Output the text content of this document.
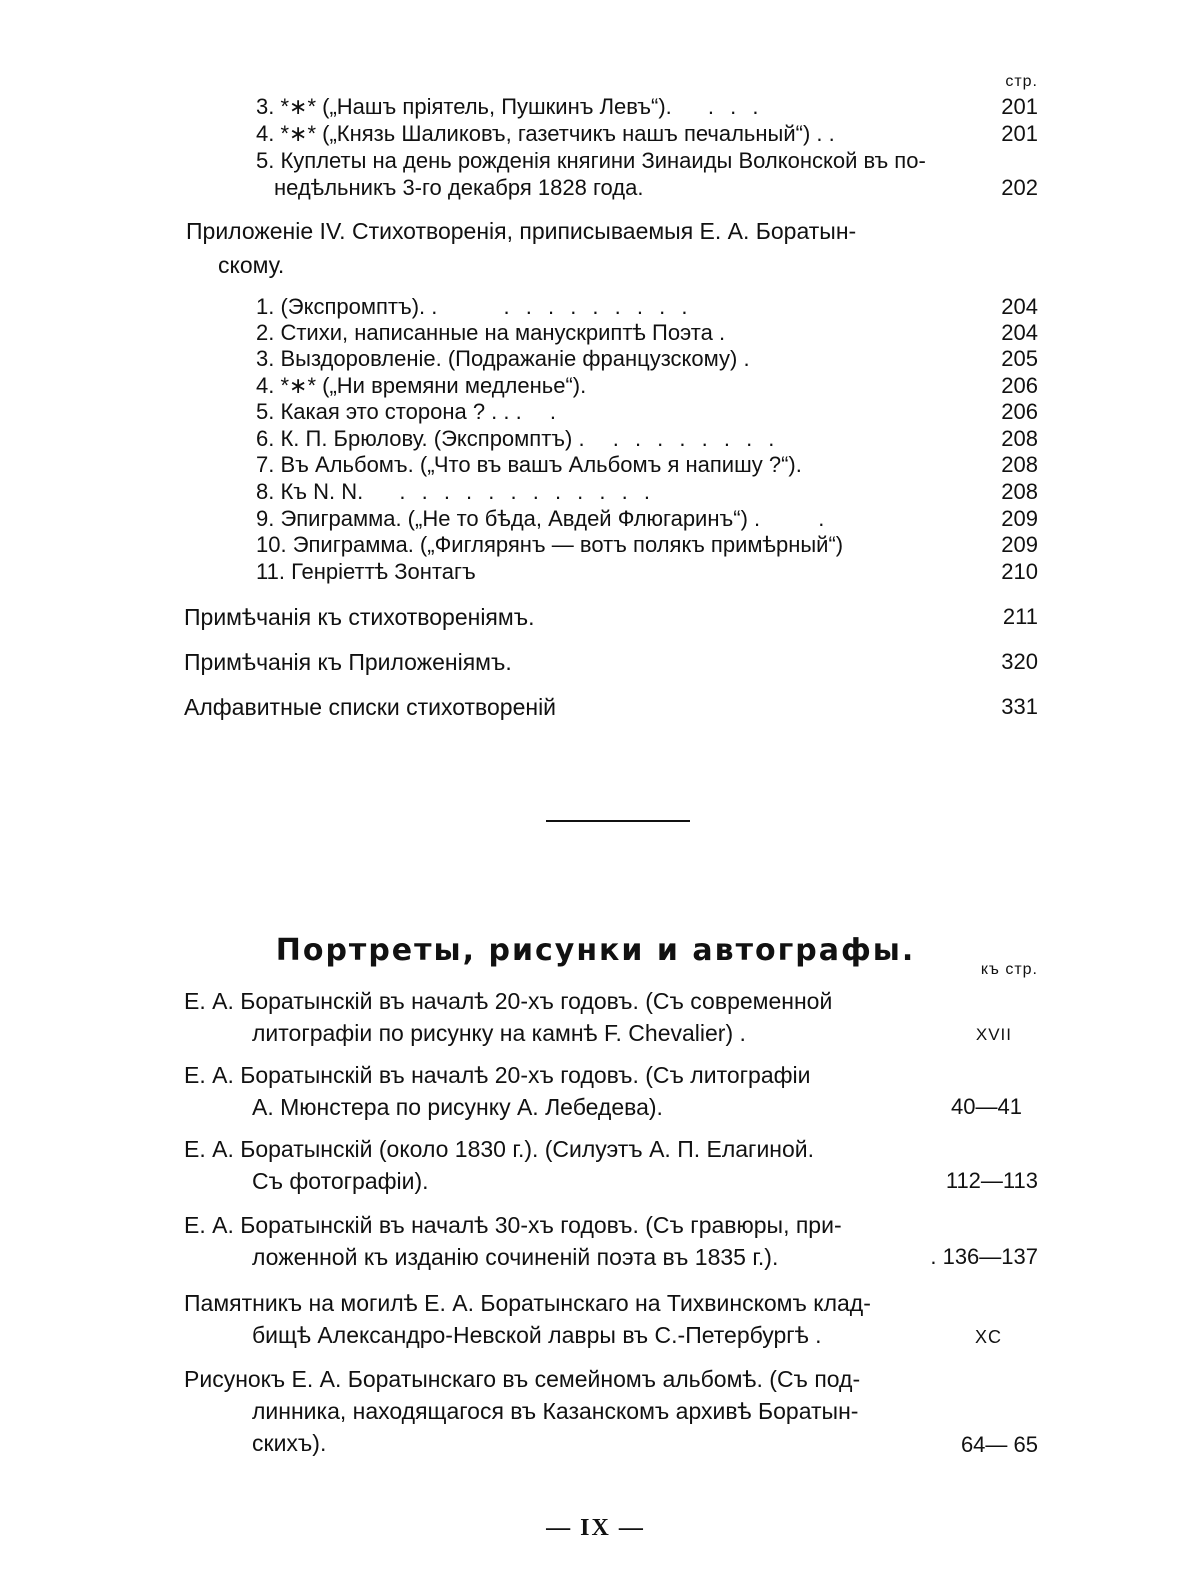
стр.
3. *∗* („Нашъ пріятель, Пушкинъ Левъ“). . . .	201
4. *∗* („Князь Шаликовъ, газетчикъ нашъ печальный“) . .	201
5. Куплеты на день рожденія княгини Зинаиды Волконской въ по-
недѣльникъ 3-го декабря 1828 года.	202
Приложеніе IV. Стихотворенія, приписываемыя Е. А. Боратын-
скому.
1. (Экспромптъ). .	. . . . . . . . .	204
2. Стихи, написанные на манускриптѣ Поэта .	204
3. Выздоровленіе. (Подражаніе французскому) .	205
4. *∗* („Ни времяни медленье“).	206
5. Какая это сторона ? . . . .	206
6. К. П. Брюлову. (Экспромптъ) . . . . . . . . .	208
7. Въ Альбомъ. („Что въ вашъ Альбомъ я напишу ?“).	208
8. Къ N. N. . . . . . . . . . . . .	208
9. Эпиграмма. („Не то бѣда, Авдей Флюгаринъ“) .	.	209
10. Эпиграмма. („Фиглярянъ — вотъ полякъ примѣрный“)	209
11. Генріеттѣ Зонтагъ	210
Примѣчанія къ стихотвореніямъ.	211
Примѣчанія къ Приложеніямъ.	320
Алфавитные списки стихотвореній	331
Портреты, рисунки и автографы.
къ стр.
Е. А. Боратынскій въ началѣ 20-хъ годовъ. (Съ современной
литографіи по рисунку на камнѣ F. Chevalier) .	XVII
Е. А. Боратынскій въ началѣ 20-хъ годовъ. (Съ литографіи
А. Мюнстера по рисунку А. Лебедева).	40—41
Е. А. Боратынскій (около 1830 г.). (Силуэтъ А. П. Елагиной.
Съ фотографіи).	112—113
Е. А. Боратынскій въ началѣ 30-хъ годовъ. (Съ гравюры, при-
ложенной къ изданію сочиненій поэта въ 1835 г.).	. 136—137
Памятникъ на могилѣ Е. А. Боратынскаго на Тихвинскомъ клад-
бищѣ Александро-Невской лавры въ С.-Петербургѣ .	XC
Рисунокъ Е. А. Боратынскаго въ семейномъ альбомѣ. (Съ под-
линника, находящагося въ Казанскомъ архивѣ Боратын-
скихъ).	64— 65
— IX —
